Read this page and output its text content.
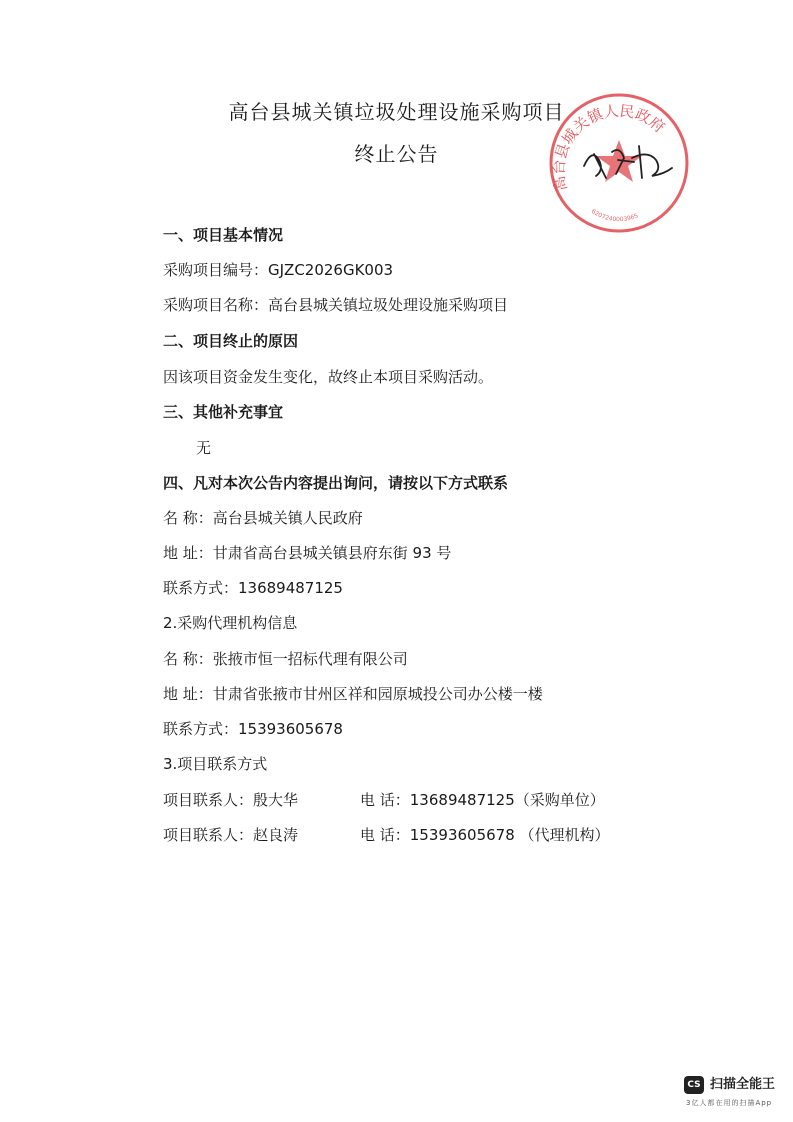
高台县城关镇垃圾处理设施采购项目
终止公告
高台县城关镇人民政府
6207240003965
一、项目基本情况
采购项目编号：GJZC2026GK003
采购项目名称：高台县城关镇垃圾处理设施采购项目
二、项目终止的原因
因该项目资金发生变化，故终止本项目采购活动。
三、其他补充事宜
无
四、凡对本次公告内容提出询问，请按以下方式联系
名 称：高台县城关镇人民政府
地 址：甘肃省高台县城关镇县府东街 93 号
联系方式：13689487125
2.采购代理机构信息
名 称：张掖市恒一招标代理有限公司
地 址：甘肃省张掖市甘州区祥和园原城投公司办公楼一楼
联系方式：15393605678
3.项目联系方式
项目联系人：殷大华	电 话：13689487125（采购单位）
项目联系人：赵良涛	电 话：15393605678 （代理机构）
CS 扫描全能王
3亿人都在用的扫描App
